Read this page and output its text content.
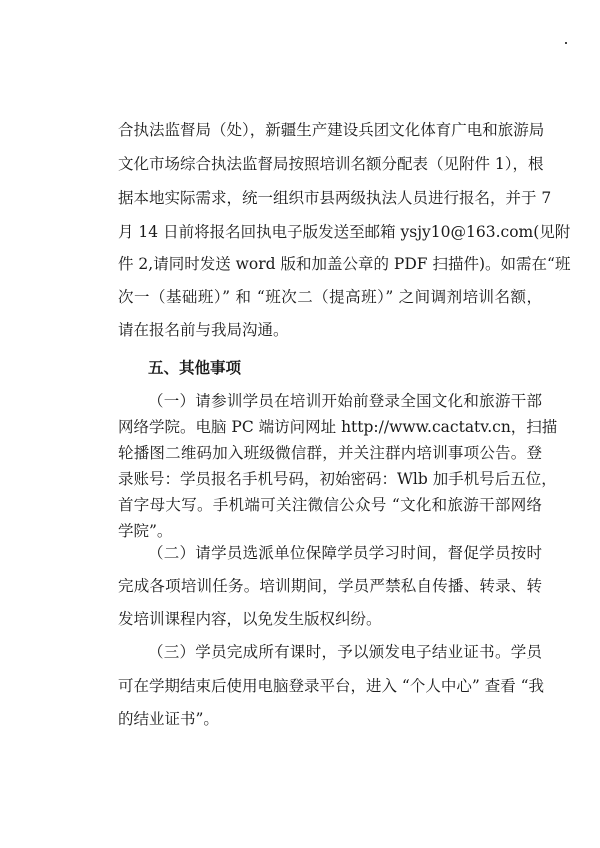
合执法监督局（处），新疆生产建设兵团文化体育广电和旅游局
文化市场综合执法监督局按照培训名额分配表（见附件 1），根
据本地实际需求，统一组织市县两级执法人员进行报名，并于 7
月 14 日前将报名回执电子版发送至邮箱 ysjy10@163.com(见附
件 2,请同时发送 word 版和加盖公章的 PDF 扫描件)。如需在“班
次一（基础班）” 和 “班次二（提高班）” 之间调剂培训名额，
请在报名前与我局沟通。
五、其他事项
（一）请参训学员在培训开始前登录全国文化和旅游干部
网络学院。电脑 PC 端访问网址 http://www.cactatv.cn，扫描
轮播图二维码加入班级微信群，并关注群内培训事项公告。登
录账号：学员报名手机号码，初始密码：Wlb 加手机号后五位，
首字母大写。手机端可关注微信公众号 “文化和旅游干部网络
学院”。
（二）请学员选派单位保障学员学习时间，督促学员按时
完成各项培训任务。培训期间，学员严禁私自传播、转录、转
发培训课程内容，以免发生版权纠纷。
（三）学员完成所有课时，予以颁发电子结业证书。学员
可在学期结束后使用电脑登录平台，进入 “个人中心” 查看 “我
的结业证书”。
